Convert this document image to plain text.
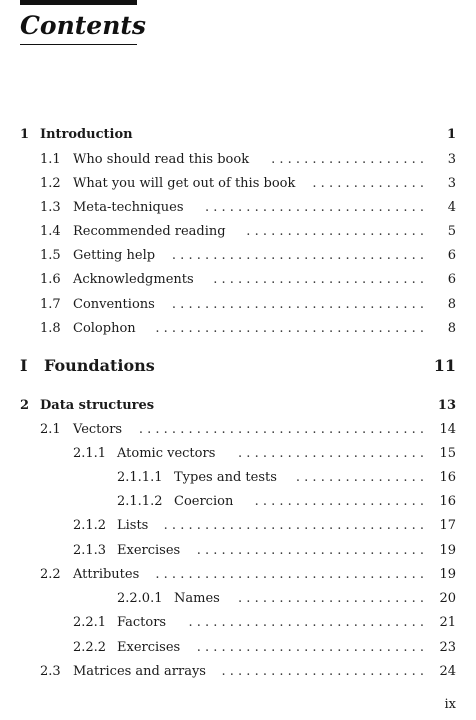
Contents
1 Introduction	1
1.1 Who should read this book	. . . . . . . . . . . . . . . . . . . 3
1.2 What you will get out of this book . . . . . . . . . . . . . . 3
1.3 Meta-techniques	. . . . . . . . . . . . . . . . . . . . . . . . . . . 4
1.4 Recommended reading	. . . . . . . . . . . . . . . . . . . . . . 5
1.5 Getting help . . . . . . . . . . . . . . . . . . . . . . . . . . . . . . . 6
1.6 Acknowledgments	. . . . . . . . . . . . . . . . . . . . . . . . . . 6
1.7 Conventions . . . . . . . . . . . . . . . . . . . . . . . . . . . . . . . 8
1.8 Colophon	. . . . . . . . . . . . . . . . . . . . . . . . . . . . . . . . . 8
I Foundations	11
2 Data structures	13
2.1 Vectors . . . . . . . . . . . . . . . . . . . . . . . . . . . . . . . . . . . 14
2.1.1 Atomic vectors	. . . . . . . . . . . . . . . . . . . . . . . 15
2.1.1.1 Types and tests	. . . . . . . . . . . . . . . . 16
2.1.1.2 Coercion	. . . . . . . . . . . . . . . . . . . . . 16
2.1.2 Lists . . . . . . . . . . . . . . . . . . . . . . . . . . . . . . . . 17
2.1.3 Exercises . . . . . . . . . . . . . . . . . . . . . . . . . . . . 19
2.2 Attributes . . . . . . . . . . . . . . . . . . . . . . . . . . . . . . . . . 19
2.2.0.1 Names	. . . . . . . . . . . . . . . . . . . . . . . 20
2.2.1 Factors	. . . . . . . . . . . . . . . . . . . . . . . . . . . . . 21
2.2.2 Exercises . . . . . . . . . . . . . . . . . . . . . . . . . . . . 23
2.3 Matrices and arrays . . . . . . . . . . . . . . . . . . . . . . . . . 24
ix
